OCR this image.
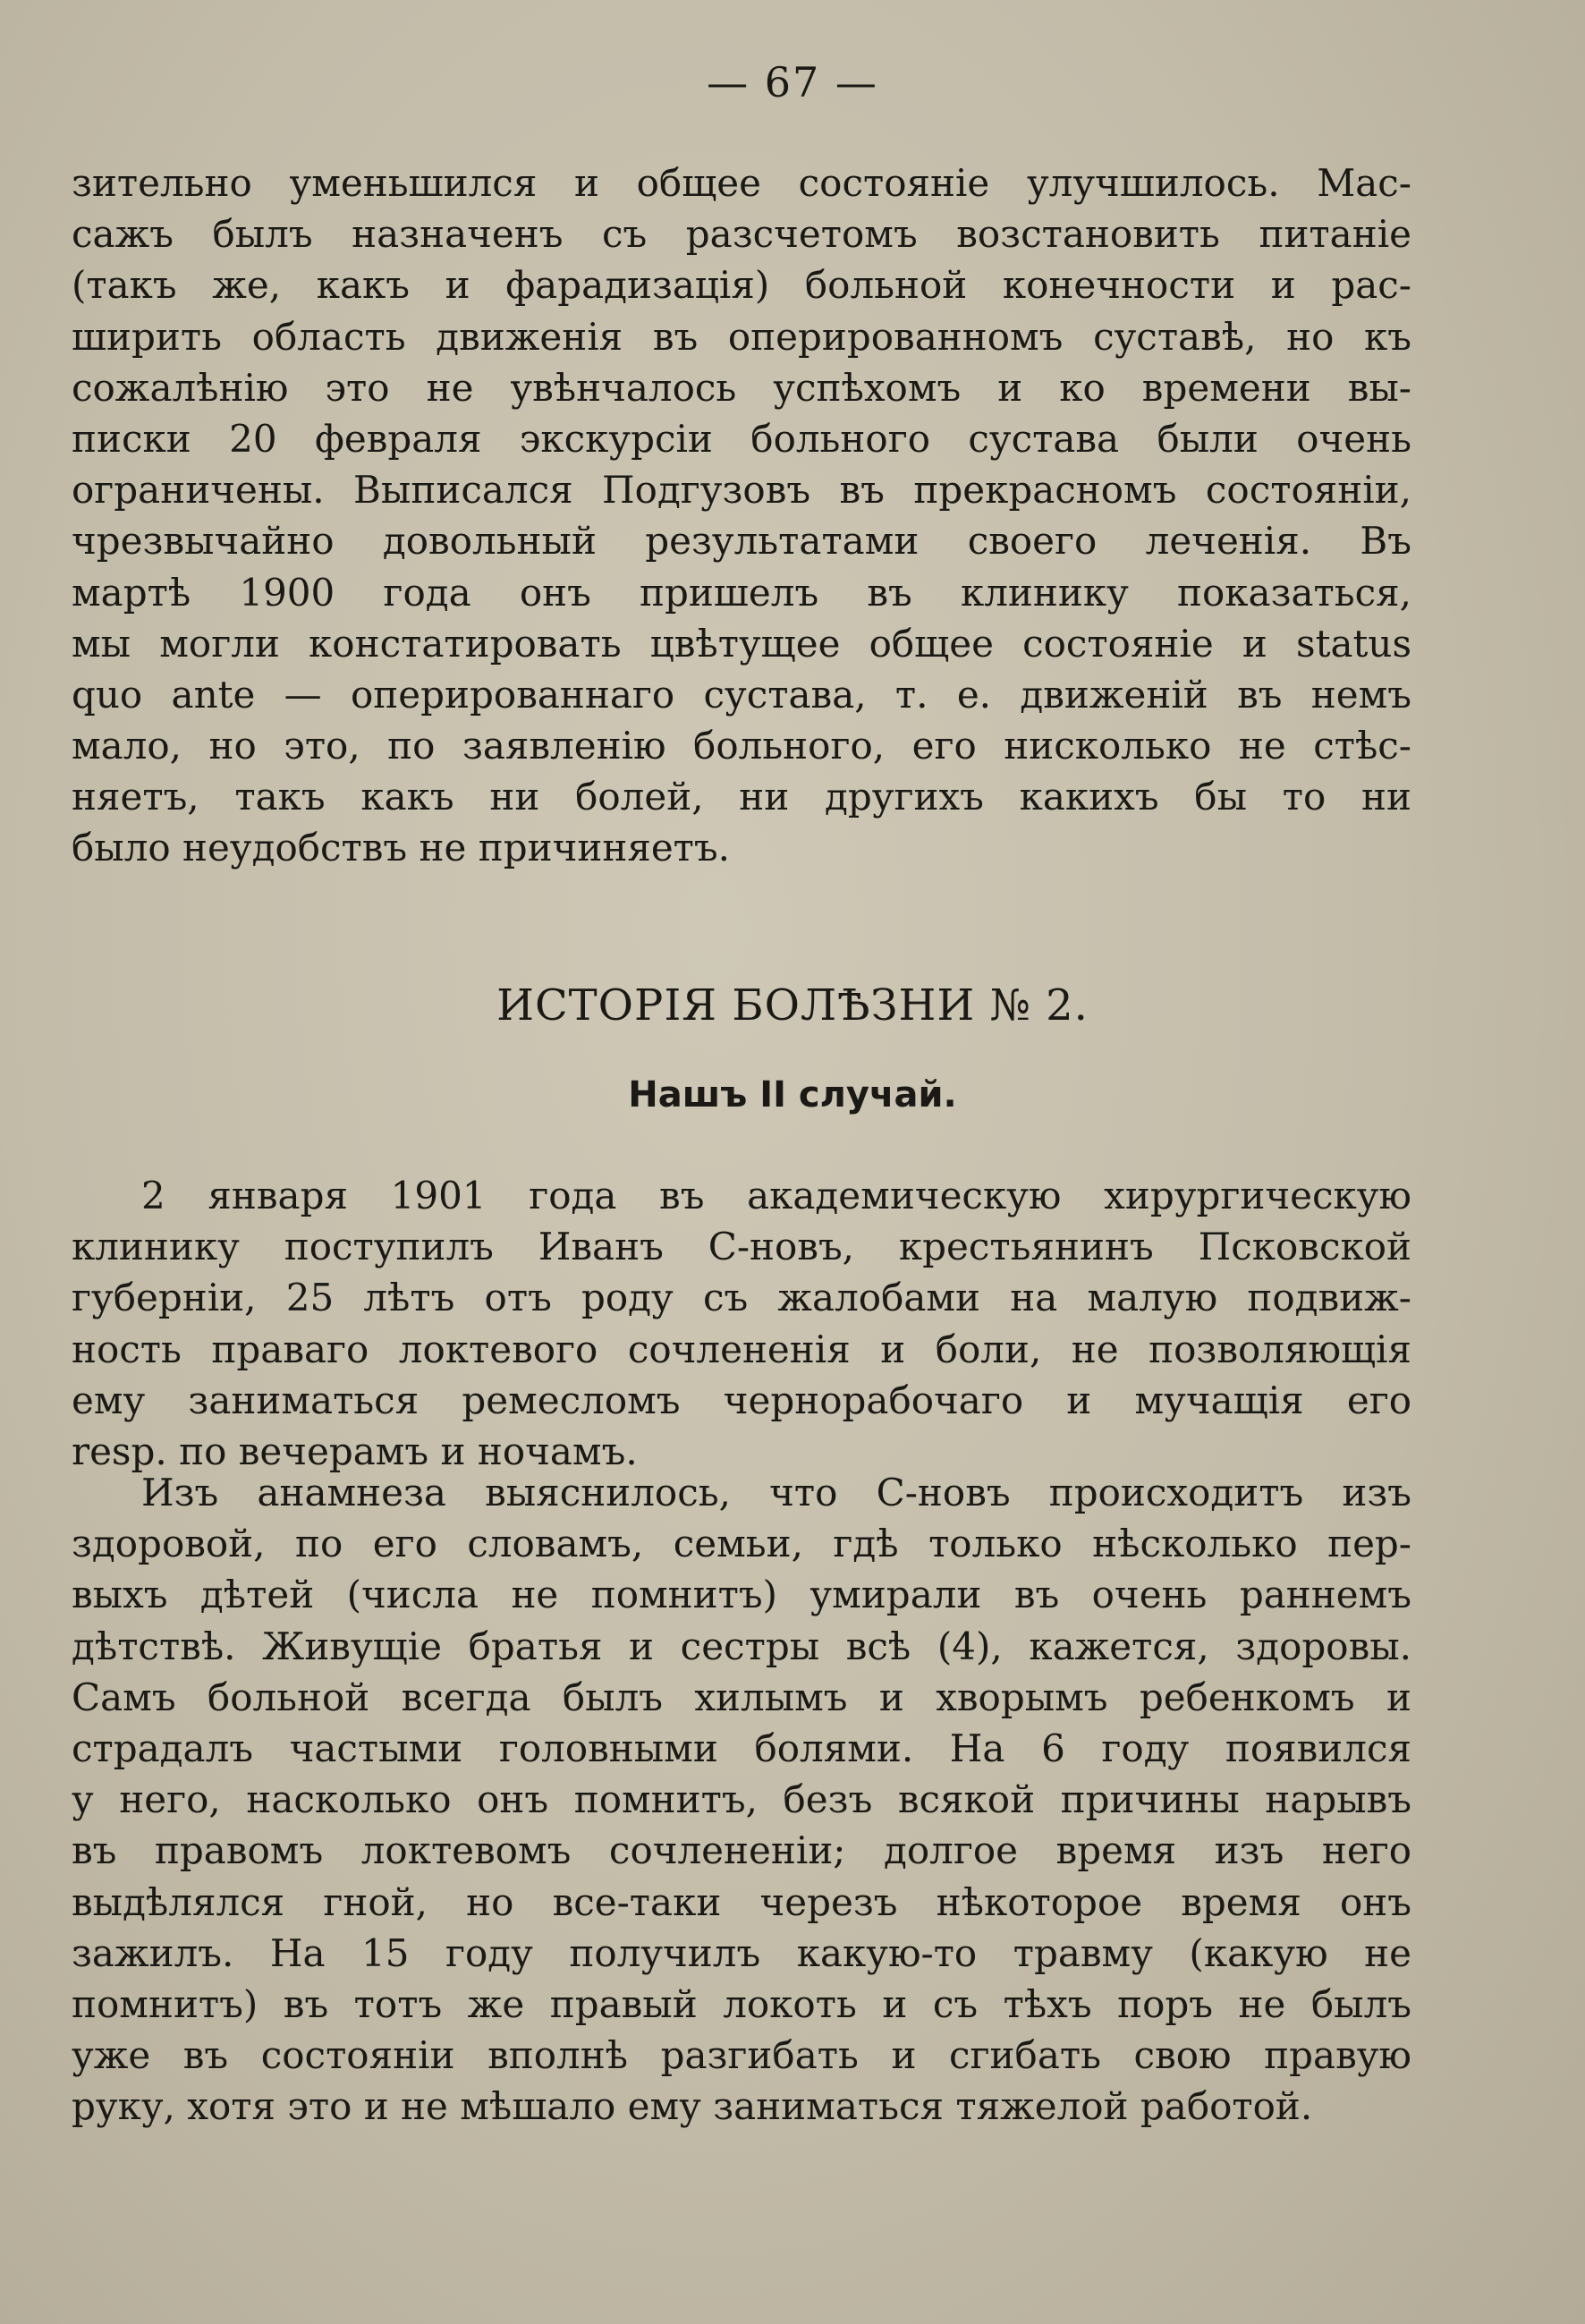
— 67 —
зительно уменьшился и общее состоянiе улучшилось. Мас-
сажъ былъ назначенъ съ разсчетомъ возстановить питанiе
(такъ же, какъ и фарадизацiя) больной конечности и рас-
ширить область движенiя въ оперированномъ суставѣ, но къ
сожалѣнiю это не увѣнчалось успѣхомъ и ко времени вы-
писки 20 февраля экскурсiи больного сустава были очень
ограничены. Выписался Подгузовъ въ прекрасномъ состоянiи,
чрезвычайно довольный результатами своего леченiя. Въ
мартѣ 1900 года онъ пришелъ въ клинику показаться,
мы могли констатировать цвѣтущее общее состоянiе и status
quo ante — оперированнаго сустава, т. е. движенiй въ немъ
мало, но это, по заявленiю больного, его нисколько не стѣс-
няетъ, такъ какъ ни болей, ни другихъ какихъ бы то ни
было неудобствъ не причиняетъ.
ИСТОРIЯ БОЛѢЗНИ № 2.
Нашъ II случай.
2 января 1901 года въ академическую хирургическую
клинику поступилъ Иванъ С-новъ, крестьянинъ Псковской
губернiи, 25 лѣтъ отъ роду съ жалобами на малую подвиж-
ность праваго локтевого сочлененiя и боли, не позволяющiя
ему заниматься ремесломъ чернорабочаго и мучащiя его
resp. по вечерамъ и ночамъ.
Изъ анамнеза выяснилось, что С-новъ происходитъ изъ
здоровой, по его словамъ, семьи, гдѣ только нѣсколько пер-
выхъ дѣтей (числа не помнитъ) умирали въ очень раннемъ
дѣтствѣ. Живущiе братья и сестры всѣ (4), кажется, здоровы.
Самъ больной всегда былъ хилымъ и хворымъ ребенкомъ и
страдалъ частыми головными болями. На 6 году появился
у него, насколько онъ помнитъ, безъ всякой причины нарывъ
въ правомъ локтевомъ сочлененiи; долгое время изъ него
выдѣлялся гной, но все-таки черезъ нѣкоторое время онъ
зажилъ. На 15 году получилъ какую-то травму (какую не
помнитъ) въ тотъ же правый локоть и съ тѣхъ поръ не былъ
уже въ состоянiи вполнѣ разгибать и сгибать свою правую
руку, хотя это и не мѣшало ему заниматься тяжелой работой.
